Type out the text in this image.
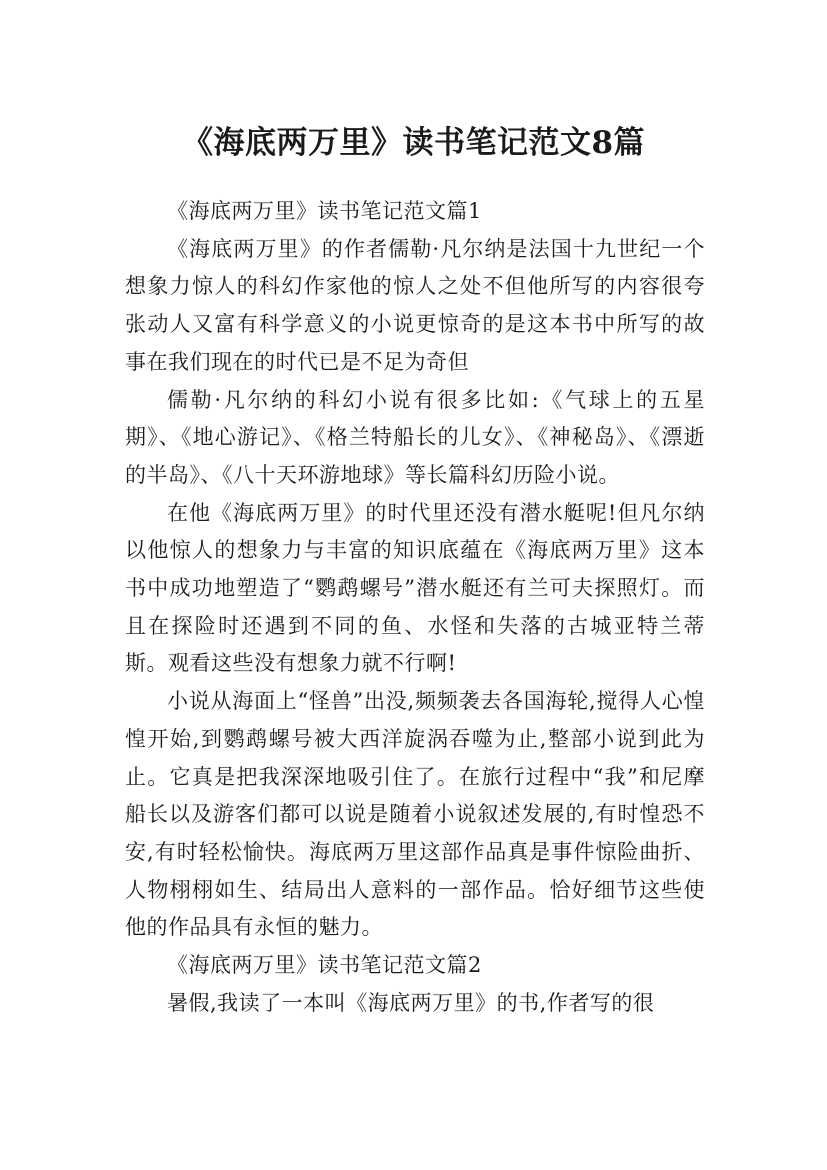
《海底两万里》读书笔记范文8篇

《海底两万里》读书笔记范文篇1

《海底两万里》的作者儒勒·凡尔纳是法国十九世纪一个想象力惊人的科幻作家他的惊人之处不但他所写的内容很夸张动人又富有科学意义的小说更惊奇的是这本书中所写的故事在我们现在的时代已是不足为奇但

儒勒·凡尔纳的科幻小说有很多比如:《气球上的五星期》、《地心游记》、《格兰特船长的儿女》、《神秘岛》、《漂逝的半岛》、《八十天环游地球》等长篇科幻历险小说。

在他《海底两万里》的时代里还没有潜水艇呢!但凡尔纳以他惊人的想象力与丰富的知识底蕴在《海底两万里》这本书中成功地塑造了“鹦鹉螺号”潜水艇还有兰可夫探照灯。而且在探险时还遇到不同的鱼、水怪和失落的古城亚特兰蒂斯。观看这些没有想象力就不行啊!

小说从海面上“怪兽”出没,频频袭去各国海轮,搅得人心惶惶开始,到鹦鹉螺号被大西洋旋涡吞噬为止,整部小说到此为止。它真是把我深深地吸引住了。在旅行过程中“我”和尼摩船长以及游客们都可以说是随着小说叙述发展的,有时惶恐不安,有时轻松愉快。海底两万里这部作品真是事件惊险曲折、人物栩栩如生、结局出人意料的一部作品。恰好细节这些使他的作品具有永恒的魅力。

《海底两万里》读书笔记范文篇2

暑假,我读了一本叫《海底两万里》的书,作者写的很
